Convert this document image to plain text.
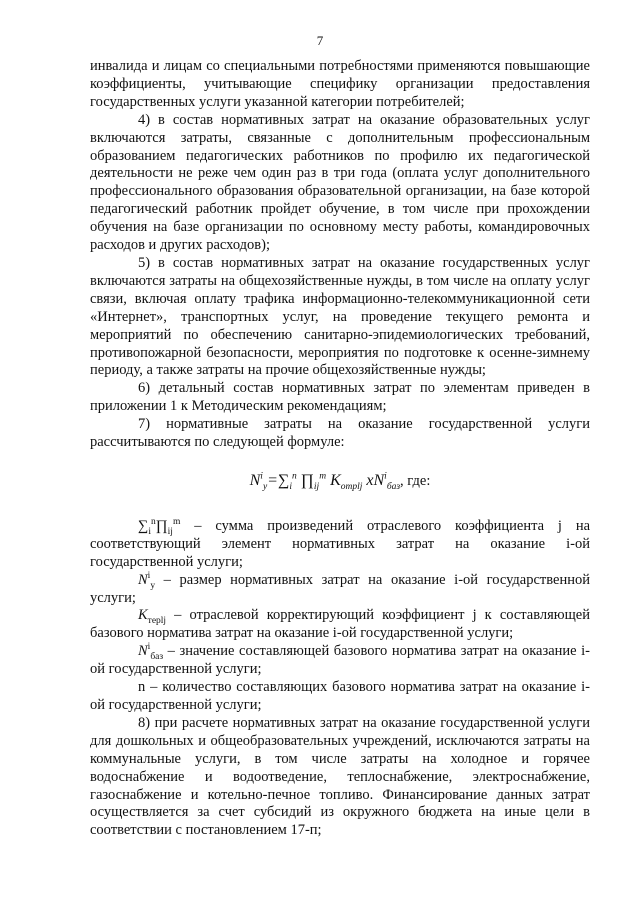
7

инвалида и лицам со специальными потребностями применяются повышающие коэффициенты, учитывающие специфику организации предоставления государственных услуги указанной категории потребителей;

4) в состав нормативных затрат на оказание образовательных услуг включаются затраты, связанные с дополнительным профессиональным образованием педагогических работников по профилю их педагогической деятельности не реже чем один раз в три года (оплата услуг дополнительного профессионального образования образовательной организации, на базе которой педагогический работник пройдет обучение, в том числе при прохождении обучения на базе организации по основному месту работы, командировочных расходов и других расходов);

5) в состав нормативных затрат на оказание государственных услуг включаются затраты на общехозяйственные нужды, в том числе на оплату услуг связи, включая оплату трафика информационно-телекоммуникационной сети «Интернет», транспортных услуг, на проведение текущего ремонта и мероприятий по обеспечению санитарно-эпидемиологических требований, противопожарной безопасности, мероприятия по подготовке к осенне-зимнему периоду, а также затраты на прочие общехозяйственные нужды;

6) детальный состав нормативных затрат по элементам приведен в приложении 1 к Методическим рекомендациям;

7) нормативные затраты на оказание государственной услуги рассчитываются по следующей формуле:

$N^i_у=\sum_i^n$ $\prod_{ij}^m$ $K_{отрlj}$ $xN^i_{баз}$, где:

$\sum_i^n\prod_{ij}^m$ – сумма произведений отраслевого коэффициента j на соответствующий элемент нормативных затрат на оказание i-ой государственной услуги;

$N^i_у$ – размер нормативных затрат на оказание i-ой государственной услуги;

$K_{терlj}$ – отраслевой корректирующий коэффициент j к составляющей базового норматива затрат на оказание i-ой государственной услуги;

$N^i_{баз}$ – значение составляющей базового норматива затрат на оказание i-ой государственной услуги;

n – количество составляющих базового норматива затрат на оказание i-ой государственной услуги;

8) при расчете нормативных затрат на оказание государственной услуги для дошкольных и общеобразовательных учреждений, исключаются затраты на коммунальные услуги, в том числе затраты на холодное и горячее водоснабжение и водоотведение, теплоснабжение, электроснабжение, газоснабжение и котельно-печное топливо. Финансирование данных затрат осуществляется за счет субсидий из окружного бюджета на иные цели в соответствии с постановлением 17-п;
